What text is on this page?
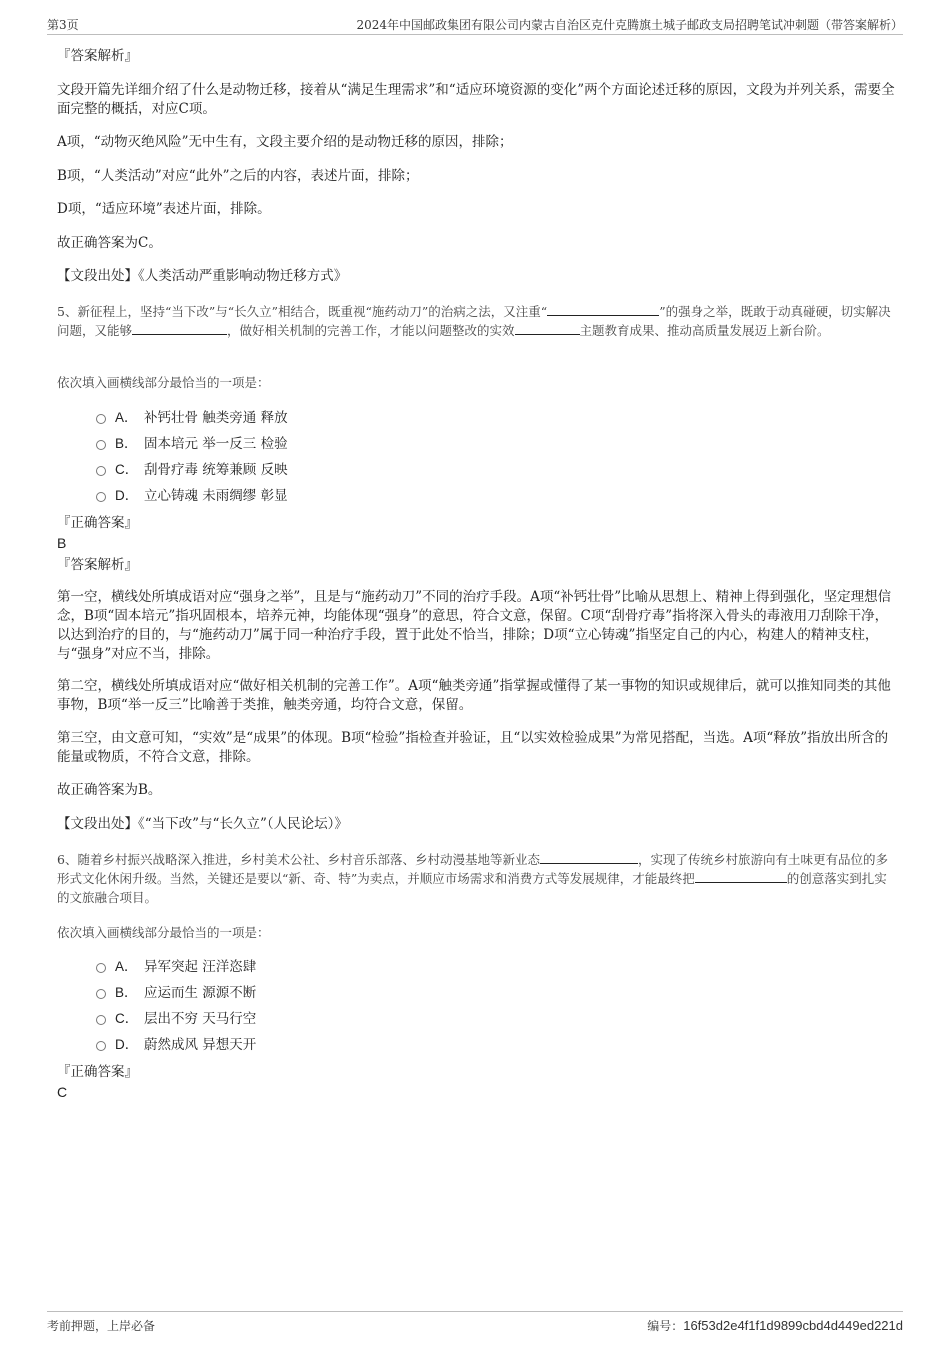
第3页	2024年中国邮政集团有限公司内蒙古自治区克什克腾旗土城子邮政支局招聘笔试冲刺题（带答案解析）
『答案解析』
文段开篇先详细介绍了什么是动物迁移，接着从“满足生理需求”和“适应环境资源的变化”两个方面论述迁移的原因，文段为并列关系，需要全面完整的概括，对应C项。
A项，“动物灭绝风险”无中生有，文段主要介绍的是动物迁移的原因，排除；
B项，“人类活动”对应“此外”之后的内容，表述片面，排除；
D项，“适应环境”表述片面，排除。
故正确答案为C。
【文段出处】《人类活动严重影响动物迁移方式》
5、新征程上，坚持“当下改”与“长久立”相结合，既重视“施药动刀”的治病之法，又注重“	”的强身之举，既敢于动真碰硬，切实解决问题，又能够	，做好相关机制的完善工作，才能以问题整改的实效	主题教育成果、推动高质量发展迈上新台阶。
依次填入画横线部分最恰当的一项是：
A． 补钙壮骨 触类旁通 释放
B． 固本培元 举一反三 检验
C． 刮骨疗毒 统筹兼顾 反映
D． 立心铸魂 未雨绸缪 彰显
『正确答案』
B
『答案解析』
第一空，横线处所填成语对应“强身之举”，且是与“施药动刀”不同的治疗手段。A项“补钙壮骨”比喻从思想上、精神上得到强化，坚定理想信念，B项“固本培元”指巩固根本，培养元神，均能体现“强身”的意思，符合文意，保留。C项“刮骨疗毒”指将深入骨头的毒液用刀刮除干净，以达到治疗的目的，与“施药动刀”属于同一种治疗手段，置于此处不恰当，排除；D项“立心铸魂”指坚定自己的内心，构建人的精神支柱，与“强身”对应不当，排除。
第二空，横线处所填成语对应“做好相关机制的完善工作”。A项“触类旁通”指掌握或懂得了某一事物的知识或规律后，就可以推知同类的其他事物，B项“举一反三”比喻善于类推，触类旁通，均符合文意，保留。
第三空，由文意可知，“实效”是“成果”的体现。B项“检验”指检查并验证，且“以实效检验成果”为常见搭配，当选。A项“释放”指放出所含的能量或物质，不符合文意，排除。
故正确答案为B。
【文段出处】《“当下改”与“长久立”（人民论坛）》
6、随着乡村振兴战略深入推进，乡村美术公社、乡村音乐部落、乡村动漫基地等新业态	，实现了传统乡村旅游向有土味更有品位的多形式文化休闲升级。当然，关键还是要以“新、奇、特”为卖点，并顺应市场需求和消费方式等发展规律，才能最终把	的创意落实到扎实的文旅融合项目。
依次填入画横线部分最恰当的一项是：
A． 异军突起 汪洋恣肆
B． 应运而生 源源不断
C． 层出不穷 天马行空
D． 蔚然成风 异想天开
『正确答案』
C
考前押题，上岸必备	编号：16f53d2e4f1f1d9899cbd4d449ed221d
